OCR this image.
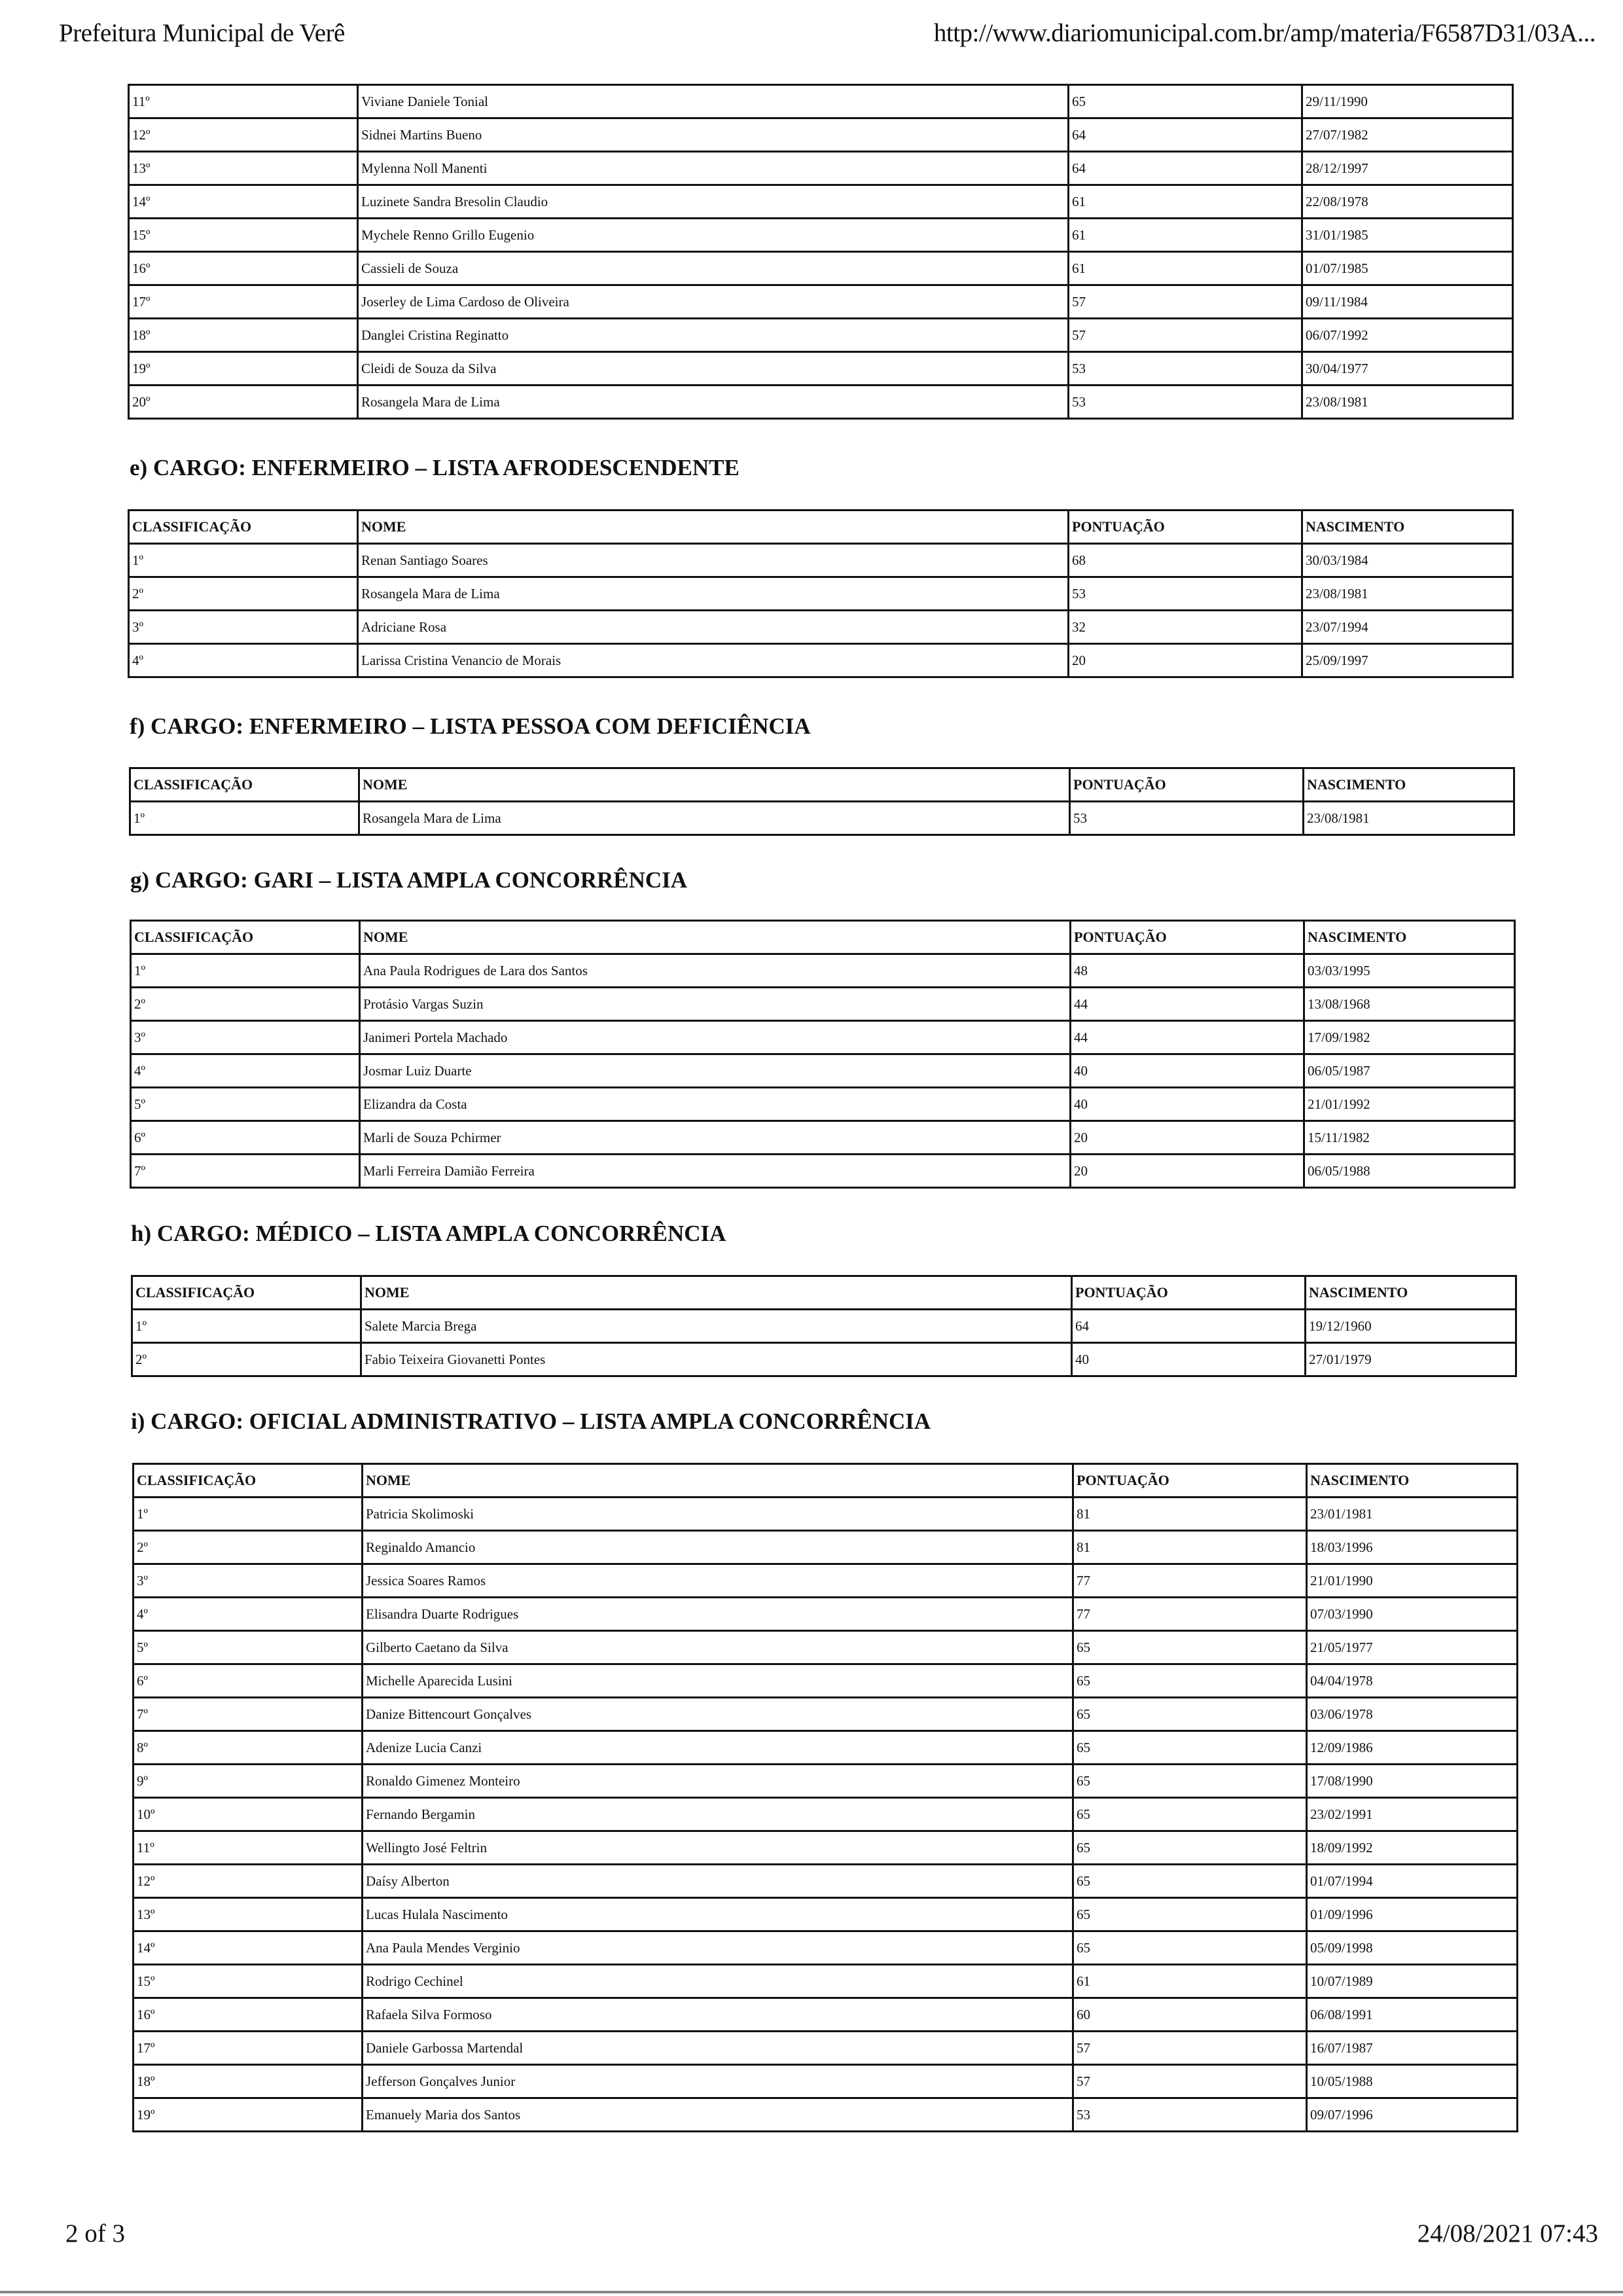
Prefeitura Municipal de Verê	http://www.diariomunicipal.com.br/amp/materia/F6587D31/03A...
11º	Viviane Daniele Tonial	65	29/11/1990
12º	Sidnei Martins Bueno	64	27/07/1982
13º	Mylenna Noll Manenti	64	28/12/1997
14º	Luzinete Sandra Bresolin Claudio	61	22/08/1978
15º	Mychele Renno Grillo Eugenio	61	31/01/1985
16º	Cassieli de Souza	61	01/07/1985
17º	Joserley de Lima Cardoso de Oliveira	57	09/11/1984
18º	Danglei Cristina Reginatto	57	06/07/1992
19º	Cleidi de Souza da Silva	53	30/04/1977
20º	Rosangela Mara de Lima	53	23/08/1981
e) CARGO: ENFERMEIRO – LISTA AFRODESCENDENTE
CLASSIFICAÇÃO	NOME	PONTUAÇÃO	NASCIMENTO
1º	Renan Santiago Soares	68	30/03/1984
2º	Rosangela Mara de Lima	53	23/08/1981
3º	Adriciane Rosa	32	23/07/1994
4º	Larissa Cristina Venancio de Morais	20	25/09/1997
f) CARGO: ENFERMEIRO – LISTA PESSOA COM DEFICIÊNCIA
CLASSIFICAÇÃO	NOME	PONTUAÇÃO	NASCIMENTO
1º	Rosangela Mara de Lima	53	23/08/1981
g) CARGO: GARI – LISTA AMPLA CONCORRÊNCIA
CLASSIFICAÇÃO	NOME	PONTUAÇÃO	NASCIMENTO
1º	Ana Paula Rodrigues de Lara dos Santos	48	03/03/1995
2º	Protásio Vargas Suzin	44	13/08/1968
3º	Janimeri Portela Machado	44	17/09/1982
4º	Josmar Luiz Duarte	40	06/05/1987
5º	Elizandra da Costa	40	21/01/1992
6º	Marli de Souza Pchirmer	20	15/11/1982
7º	Marli Ferreira Damião Ferreira	20	06/05/1988
h) CARGO: MÉDICO – LISTA AMPLA CONCORRÊNCIA
CLASSIFICAÇÃO	NOME	PONTUAÇÃO	NASCIMENTO
1º	Salete Marcia Brega	64	19/12/1960
2º	Fabio Teixeira Giovanetti Pontes	40	27/01/1979
i) CARGO: OFICIAL ADMINISTRATIVO – LISTA AMPLA CONCORRÊNCIA
CLASSIFICAÇÃO	NOME	PONTUAÇÃO	NASCIMENTO
1º	Patricia Skolimoski	81	23/01/1981
2º	Reginaldo Amancio	81	18/03/1996
3º	Jessica Soares Ramos	77	21/01/1990
4º	Elisandra Duarte Rodrigues	77	07/03/1990
5º	Gilberto Caetano da Silva	65	21/05/1977
6º	Michelle Aparecida Lusini	65	04/04/1978
7º	Danize Bittencourt Gonçalves	65	03/06/1978
8º	Adenize Lucia Canzi	65	12/09/1986
9º	Ronaldo Gimenez Monteiro	65	17/08/1990
10º	Fernando Bergamin	65	23/02/1991
11º	Wellingto José Feltrin	65	18/09/1992
12º	Daísy Alberton	65	01/07/1994
13º	Lucas Hulala Nascimento	65	01/09/1996
14º	Ana Paula Mendes Verginio	65	05/09/1998
15º	Rodrigo Cechinel	61	10/07/1989
16º	Rafaela Silva Formoso	60	06/08/1991
17º	Daniele Garbossa Martendal	57	16/07/1987
18º	Jefferson Gonçalves Junior	57	10/05/1988
19º	Emanuely Maria dos Santos	53	09/07/1996
2 of 3	24/08/2021 07:43
